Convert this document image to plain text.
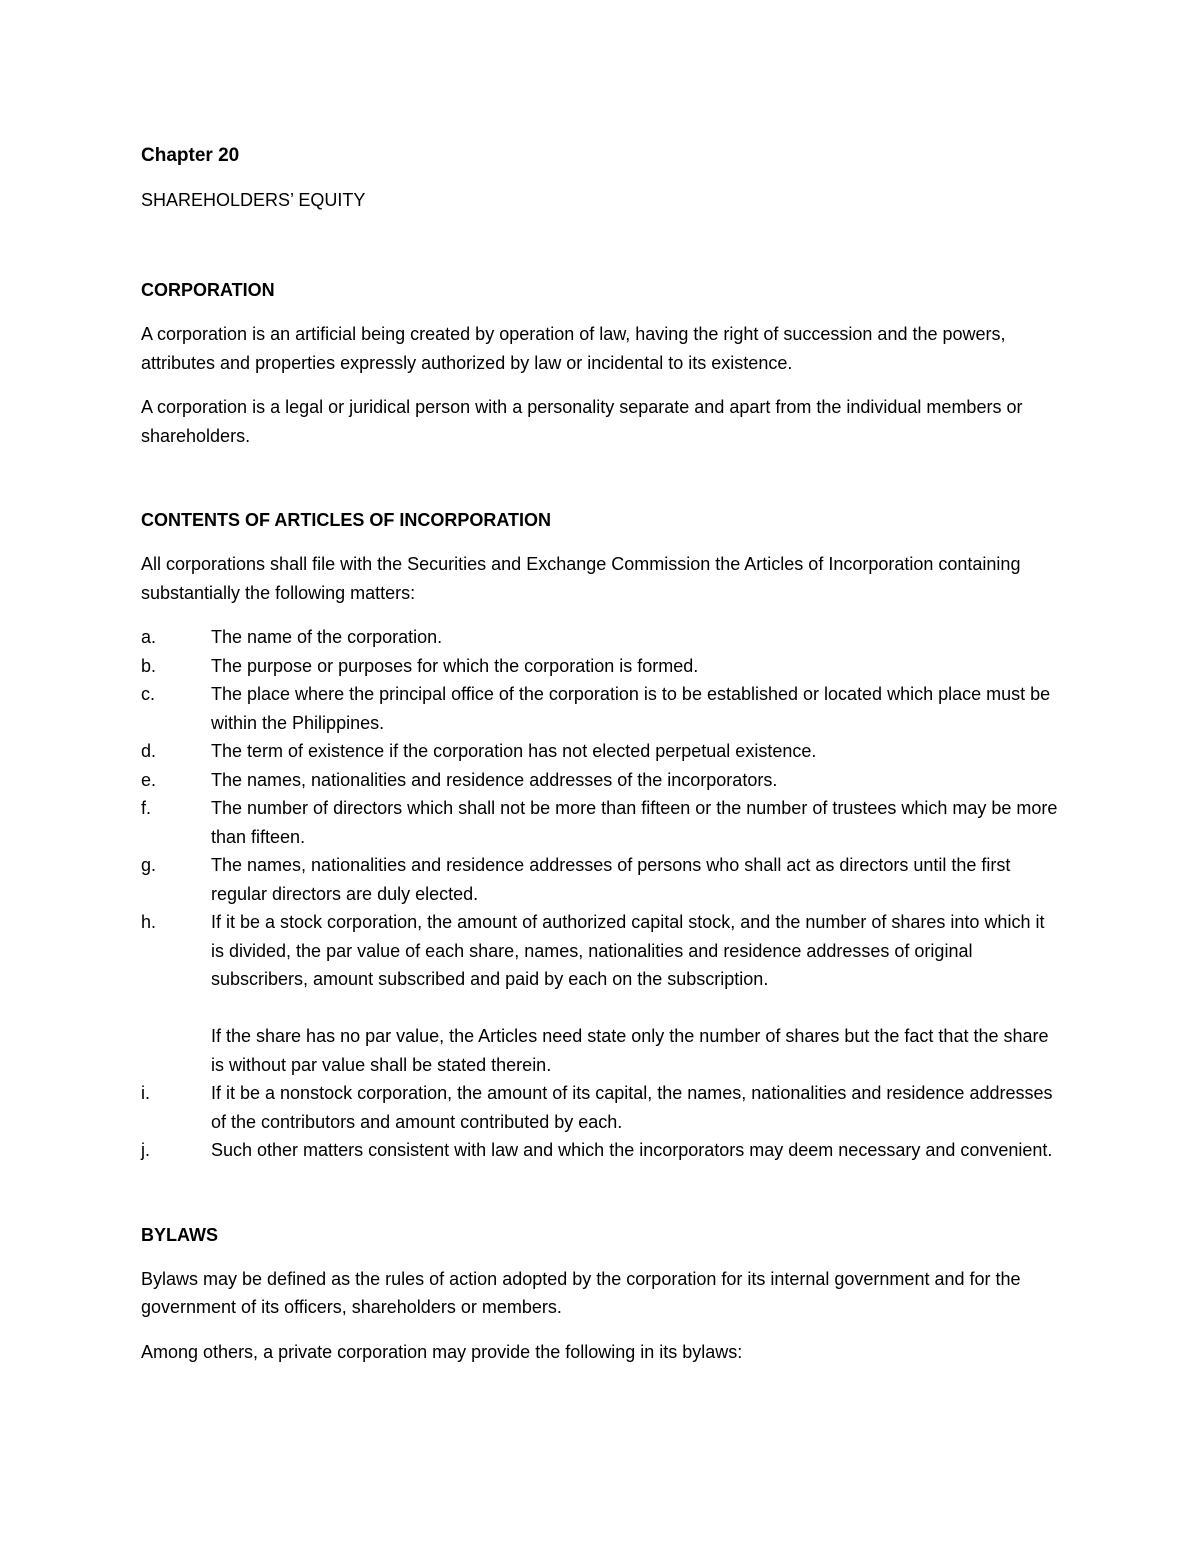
Chapter 20
SHAREHOLDERS’ EQUITY
CORPORATION

A corporation is an artificial being created by operation of law, having the right of succession and the powers, attributes and properties expressly authorized by law or incidental to its existence.

A corporation is a legal or juridical person with a personality separate and apart from the individual members or shareholders.

CONTENTS OF ARTICLES OF INCORPORATION

All corporations shall file with the Securities and Exchange Commission the Articles of Incorporation containing substantially the following matters:

a.	The name of the corporation.
b.	The purpose or purposes for which the corporation is formed.
c.	The place where the principal office of the corporation is to be established or located which place must be within the Philippines.
d.	The term of existence if the corporation has not elected perpetual existence.
e.	The names, nationalities and residence addresses of the incorporators.
f.	The number of directors which shall not be more than fifteen or the number of trustees which may be more than fifteen.
g.	The names, nationalities and residence addresses of persons who shall act as directors until the first regular directors are duly elected.
h.	If it be a stock corporation, the amount of authorized capital stock, and the number of shares into which it is divided, the par value of each share, names, nationalities and residence addresses of original subscribers, amount subscribed and paid by each on the subscription.
If the share has no par value, the Articles need state only the number of shares but the fact that the share is without par value shall be stated therein.
i.	If it be a nonstock corporation, the amount of its capital, the names, nationalities and residence addresses of the contributors and amount contributed by each.
j.	Such other matters consistent with law and which the incorporators may deem necessary and convenient.
BYLAWS

Bylaws may be defined as the rules of action adopted by the corporation for its internal government and for the government of its officers, shareholders or members.

Among others, a private corporation may provide the following in its bylaws:
